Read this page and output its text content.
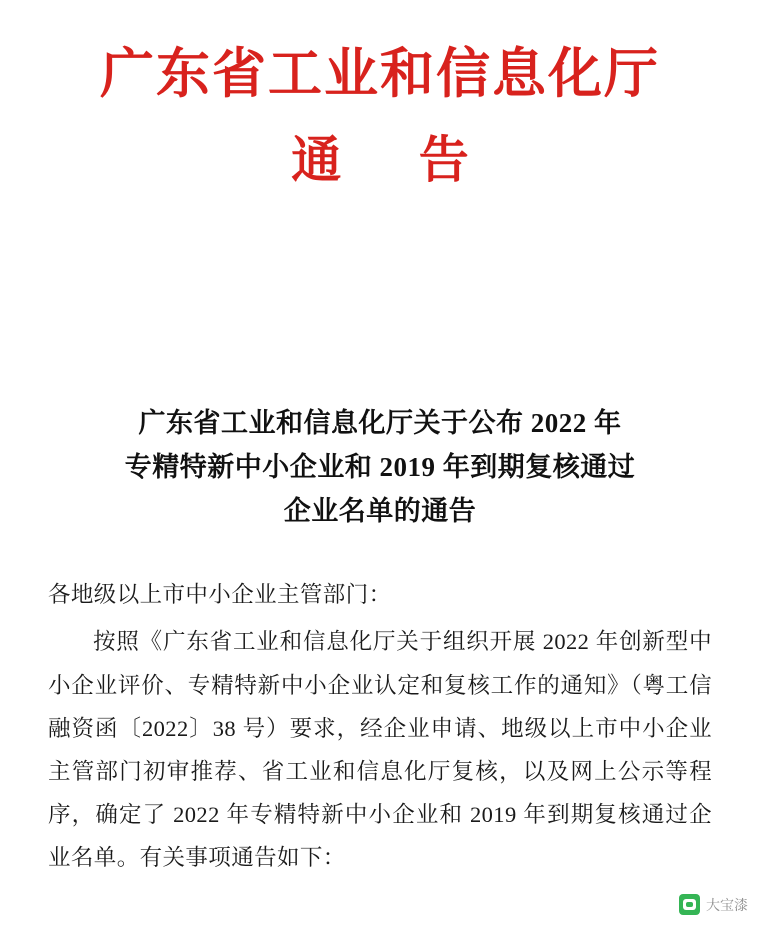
广东省工业和信息化厅
通 告
广东省工业和信息化厅关于公布 2022 年
专精特新中小企业和 2019 年到期复核通过
企业名单的通告

各地级以上市中小企业主管部门：

按照《广东省工业和信息化厅关于组织开展 2022 年创新型中小企业评价、专精特新中小企业认定和复核工作的通知》（粤工信融资函〔2022〕38 号）要求，经企业申请、地级以上市中小企业主管部门初审推荐、省工业和信息化厅复核，以及网上公示等程序，确定了 2022 年专精特新中小企业和 2019 年到期复核通过企业名单。有关事项通告如下：

大宝漆
